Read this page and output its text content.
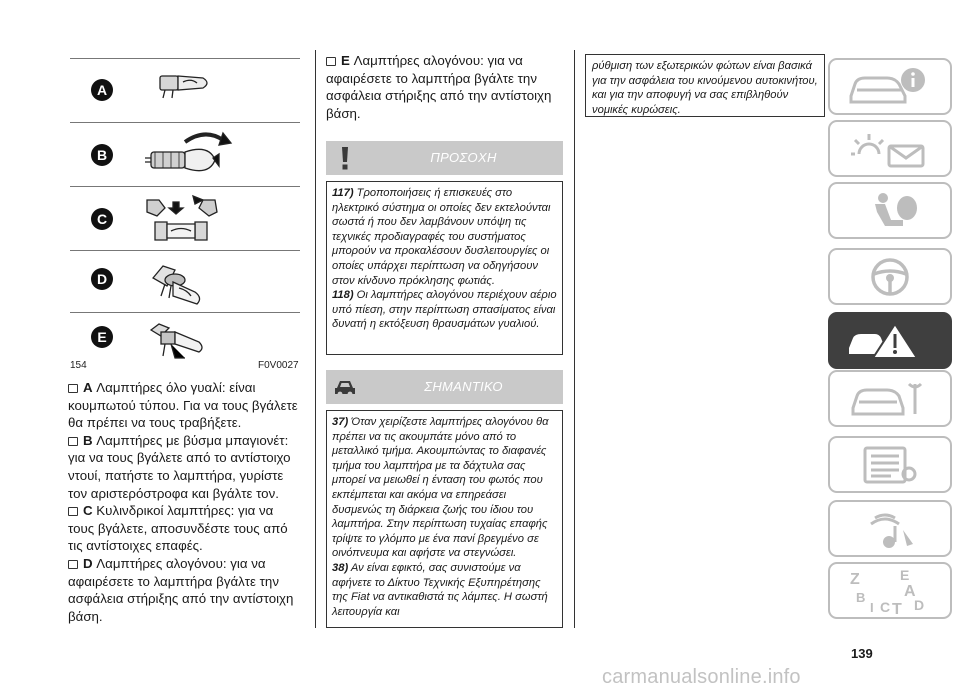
A
B
C
D
E
154	F0V0027

A Λαμπτήρες όλο γυαλί: είναι κουμπωτού τύπου. Για να τους βγάλετε θα πρέπει να τους τραβήξετε.

B Λαμπτήρες με βύσμα μπαγιονέτ: για να τους βγάλετε από το αντίστοιχο ντουί, πατήστε το λαμπτήρα, γυρίστε τον αριστερόστροφα και βγάλτε τον.

C Κυλινδρικοί λαμπτήρες: για να τους βγάλετε, αποσυνδέστε τους από τις αντίστοιχες επαφές.

D Λαμπτήρες αλογόνου: για να αφαιρέσετε το λαμπτήρα βγάλτε την ασφάλεια στήριξης από την αντίστοιχη βάση.

E Λαμπτήρες αλογόνου: για να αφαιρέσετε το λαμπτήρα βγάλτε την ασφάλεια στήριξης από την αντίστοιχη βάση.

ΠΡΟΣΟΧΗ

117) Τροποποιήσεις ή επισκευές στο ηλεκτρικό σύστημα οι οποίες δεν εκτελούνται σωστά ή που δεν λαμβάνουν υπόψη τις τεχνικές προδιαγραφές του συστήματος μπορούν να προκαλέσουν δυσλειτουργίες οι οποίες υπάρχει περίπτωση να οδηγήσουν στον κίνδυνο πρόκλησης φωτιάς.

118) Οι λαμπτήρες αλογόνου περιέχουν αέριο υπό πίεση, στην περίπτωση σπασίματος είναι δυνατή η εκτόξευση θραυσμάτων γυαλιού.

ΣΗΜΑΝΤΙΚΟ

37) Όταν χειρίζεστε λαμπτήρες αλογόνου θα πρέπει να τις ακουμπάτε μόνο από το μεταλλικό τμήμα. Ακουμπώντας το διαφανές τμήμα του λαμπτήρα με τα δάχτυλα σας μπορεί να μειωθεί η ένταση του φωτός που εκπέμπεται και ακόμα να επηρεάσει δυσμενώς τη διάρκεια ζωής του ίδιου του λαμπτήρα. Στην περίπτωση τυχαίας επαφής τρίψτε το γλόμπο με ένα πανί βρεγμένο σε οινόπνευμα και αφήστε να στεγνώσει.

38) Αν είναι εφικτό, σας συνιστούμε να αφήνετε το Δίκτυο Τεχνικής Εξυπηρέτησης της Fiat να αντικαθιστά τις λάμπες. Η σωστή λειτουργία και

ρύθμιση των εξωτερικών φώτων είναι βασικά για την ασφάλεια του κινούμενου αυτοκινήτου, και για την αποφυγή να σας επιβληθούν νομικές κυρώσεις.
Z	E
B A
I C T D
139
carmanualsonline.info
